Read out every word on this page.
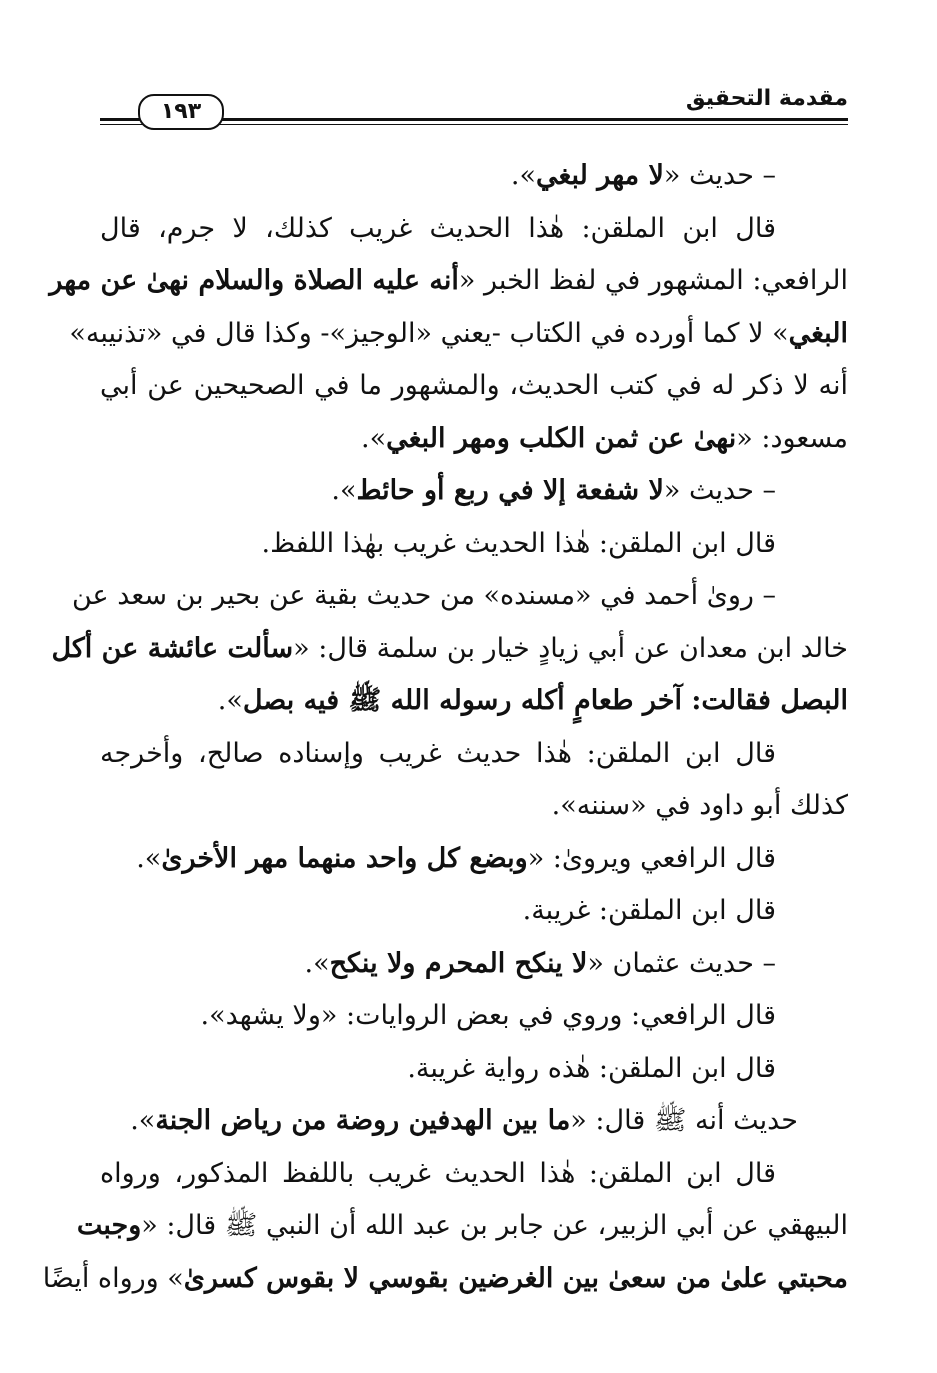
مقدمة التحقيق
١٩٣
– حديث «لا مهر لبغي».
قال ابن الملقن: هٰذا الحديث غريب كذلك، لا جرم، قال
الرافعي: المشهور في لفظ الخبر «أنه عليه الصلاة والسلام نهىٰ عن مهر
البغي» لا كما أورده في الكتاب -يعني «الوجيز»- وكذا قال في «تذنيبه»
أنه لا ذكر له في كتب الحديث، والمشهور ما في الصحيحين عن أبي
مسعود: «نهىٰ عن ثمن الكلب ومهر البغي».
– حديث «لا شفعة إلا في ربع أو حائط».
قال ابن الملقن: هٰذا الحديث غريب بهٰذا اللفظ.
– روىٰ أحمد في «مسنده» من حديث بقية عن بحير بن سعد عن
خالد ابن معدان عن أبي زيادٍ خيار بن سلمة قال: «سألت عائشة عن أكل
البصل فقالت: آخر طعامٍ أكله رسوله الله ﷺ فيه بصل».
قال ابن الملقن: هٰذا حديث غريب وإسناده صالح، وأخرجه
كذلك أبو داود في «سننه».
قال الرافعي ويروىٰ: «وبضع كل واحد منهما مهر الأخرىٰ».
قال ابن الملقن: غريبة.
– حديث عثمان «لا ينكح المحرم ولا ينكح».
قال الرافعي: وروي في بعض الروايات: «ولا يشهد».
قال ابن الملقن: هٰذه رواية غريبة.
حديث أنه ﷺ قال: «ما بين الهدفين روضة من رياض الجنة».
قال ابن الملقن: هٰذا الحديث غريب باللفظ المذكور، ورواه
البيهقي عن أبي الزبير، عن جابر بن عبد الله أن النبي ﷺ قال: «وجبت
محبتي علىٰ من سعىٰ بين الغرضين بقوسي لا بقوس كسرىٰ» ورواه أيضًا
